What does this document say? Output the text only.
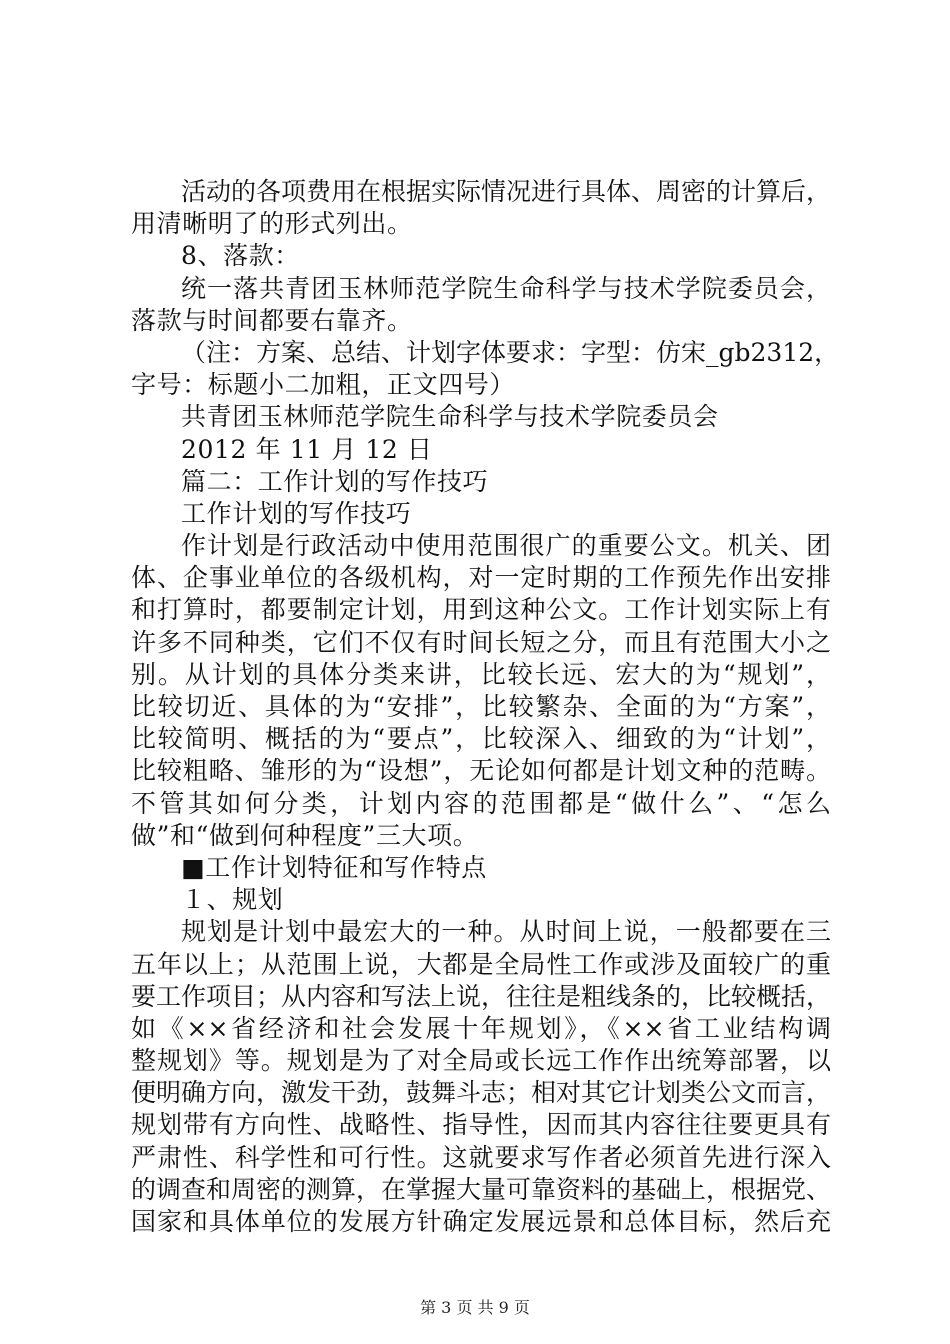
活动的各项费用在根据实际情况进行具体、周密的计算后，
用清晰明了的形式列出。
8、落款：
统一落共青团玉林师范学院生命科学与技术学院委员会，
落款与时间都要右靠齐。
（注：方案、总结、计划字体要求：字型：仿宋_gb2312，
字号：标题小二加粗，正文四号）
共青团玉林师范学院生命科学与技术学院委员会
2012 年 11 月 12 日
篇二：工作计划的写作技巧
工作计划的写作技巧
作计划是行政活动中使用范围很广的重要公文。机关、团
体、企事业单位的各级机构，对一定时期的工作预先作出安排
和打算时，都要制定计划，用到这种公文。工作计划实际上有
许多不同种类，它们不仅有时间长短之分，而且有范围大小之
别。从计划的具体分类来讲，比较长远、宏大的为“规划”，
比较切近、具体的为“安排”，比较繁杂、全面的为“方案”，
比较简明、概括的为“要点”，比较深入、细致的为“计划”，
比较粗略、雏形的为“设想”，无论如何都是计划文种的范畴。
不管其如何分类，计划内容的范围都是“做什么”、“怎么
做”和“做到何种程度”三大项。
■工作计划特征和写作特点
１、规划
规划是计划中最宏大的一种。从时间上说，一般都要在三
五年以上；从范围上说，大都是全局性工作或涉及面较广的重
要工作项目；从内容和写法上说，往往是粗线条的，比较概括，
如《××省经济和社会发展十年规划》，《××省工业结构调
整规划》等。规划是为了对全局或长远工作作出统筹部署，以
便明确方向，激发干劲，鼓舞斗志；相对其它计划类公文而言，
规划带有方向性、战略性、指导性，因而其内容往往要更具有
严肃性、科学性和可行性。这就要求写作者必须首先进行深入
的调查和周密的测算，在掌握大量可靠资料的基础上，根据党、
国家和具体单位的发展方针确定发展远景和总体目标，然后充
第 3 页 共 9 页
